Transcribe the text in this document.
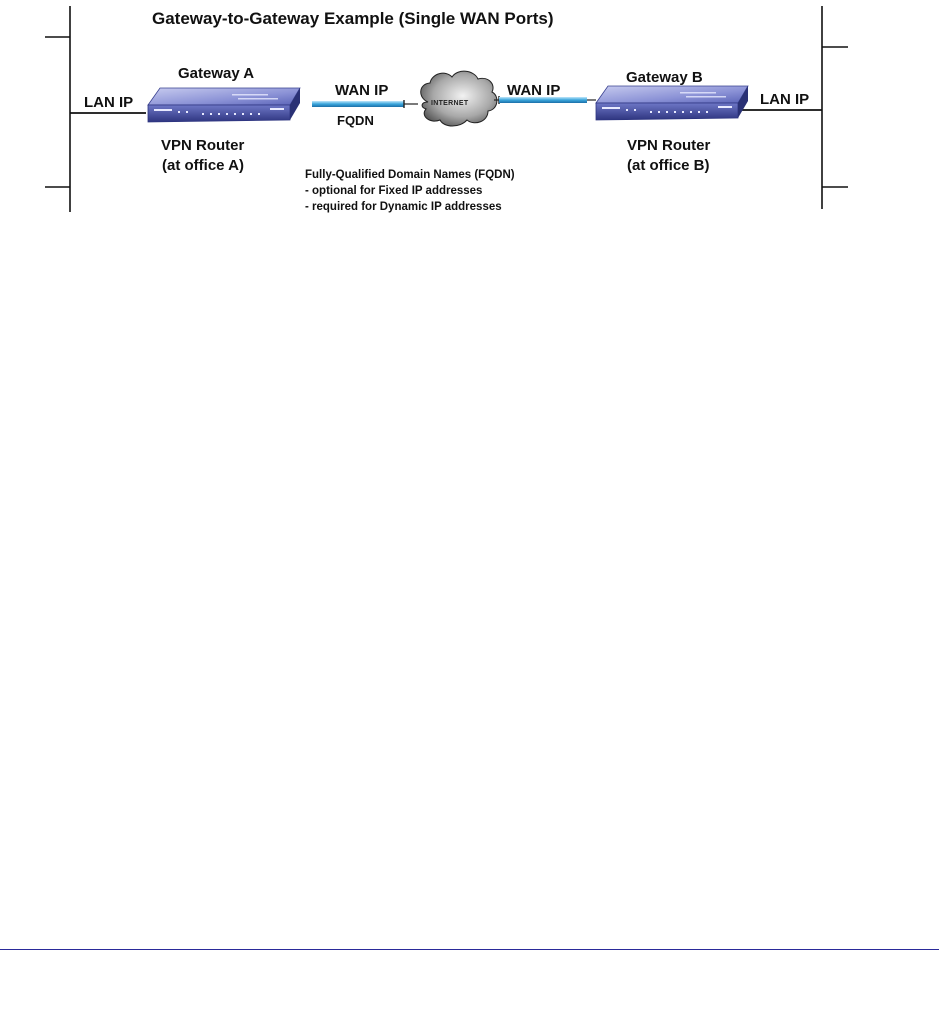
Gateway-to-Gateway Example (Single WAN Ports)
Gateway A
LAN IP
VPN Router
(at office A)
WAN IP
FQDN
INTERNET
WAN IP
Gateway B
LAN IP
VPN Router
(at office B)
Fully-Qualified Domain Names (FQDN)
- optional for Fixed IP addresses
- required for Dynamic IP addresses
